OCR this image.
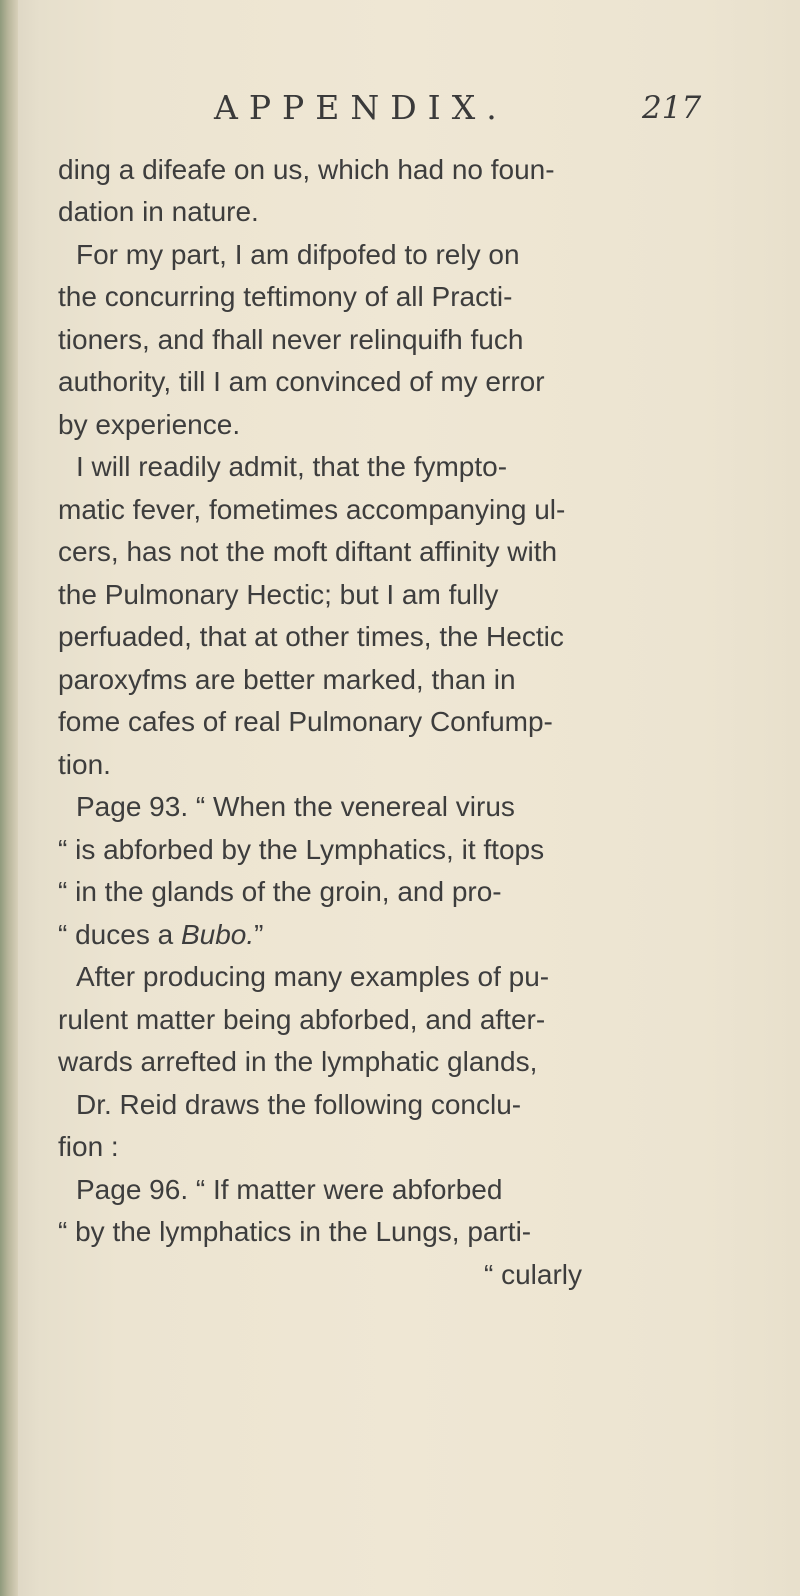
APPENDIX.	217
ding a difeafe on us, which had no foun-
dation in nature.
For my part, I am difpofed to rely on
the concurring teftimony of all Practi-
tioners, and fhall never relinquifh fuch
authority, till I am convinced of my error
by experience.
I will readily admit, that the fympto-
matic fever, fometimes accompanying ul-
cers, has not the moft diftant affinity with
the Pulmonary Hectic; but I am fully
perfuaded, that at other times, the Hectic
paroxyfms are better marked, than in
fome cafes of real Pulmonary Confump-
tion.
Page 93. “ When the venereal virus
“ is abforbed by the Lymphatics, it ftops
“ in the glands of the groin, and pro-
“ duces a Bubo.”
After producing many examples of pu-
rulent matter being abforbed, and after-
wards arrefted in the lymphatic glands,
Dr. Reid draws the following conclu-
fion :
Page 96. “ If matter were abforbed
“ by the lymphatics in the Lungs, parti-
“ cularly
